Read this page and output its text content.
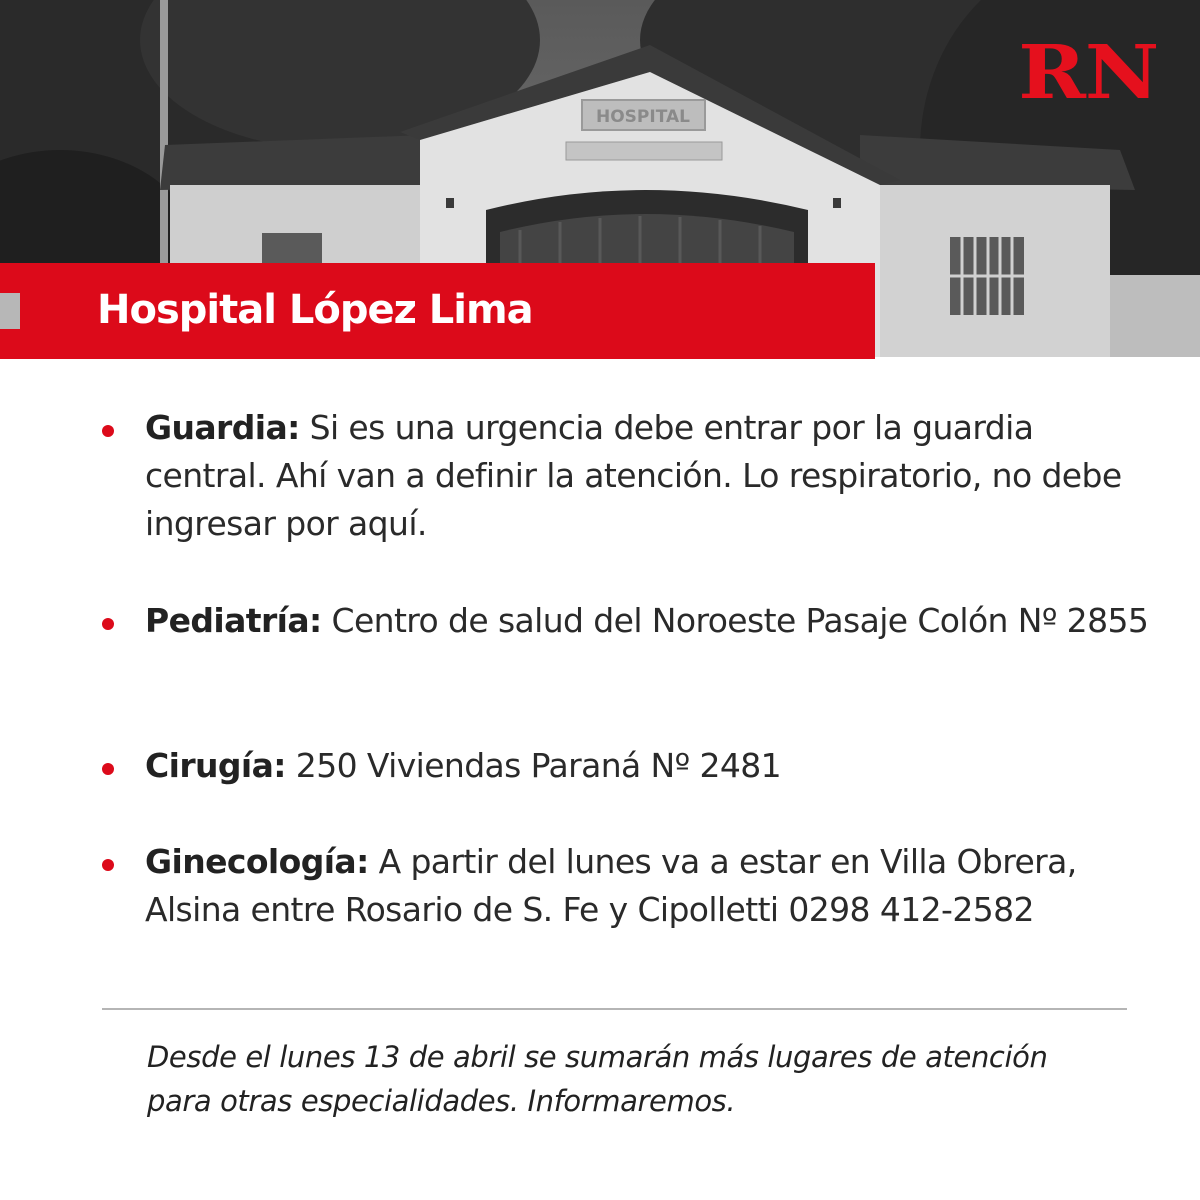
HOSPITAL
RN
Hospital López Lima
Guardia: Si es una urgencia debe entrar por la guardia central. Ahí van a definir la atención. Lo respiratorio, no debe ingresar por aquí.
Pediatría: Centro de salud del Noroeste Pasaje Colón Nº 2855
Cirugía: 250 Viviendas Paraná Nº 2481
Ginecología: A partir del lunes va a estar en Villa Obrera, Alsina entre Rosario de S. Fe y Cipolletti 0298 412-2582
Desde el lunes 13 de abril se sumarán más lugares de atención para otras especialidades. Informaremos.
